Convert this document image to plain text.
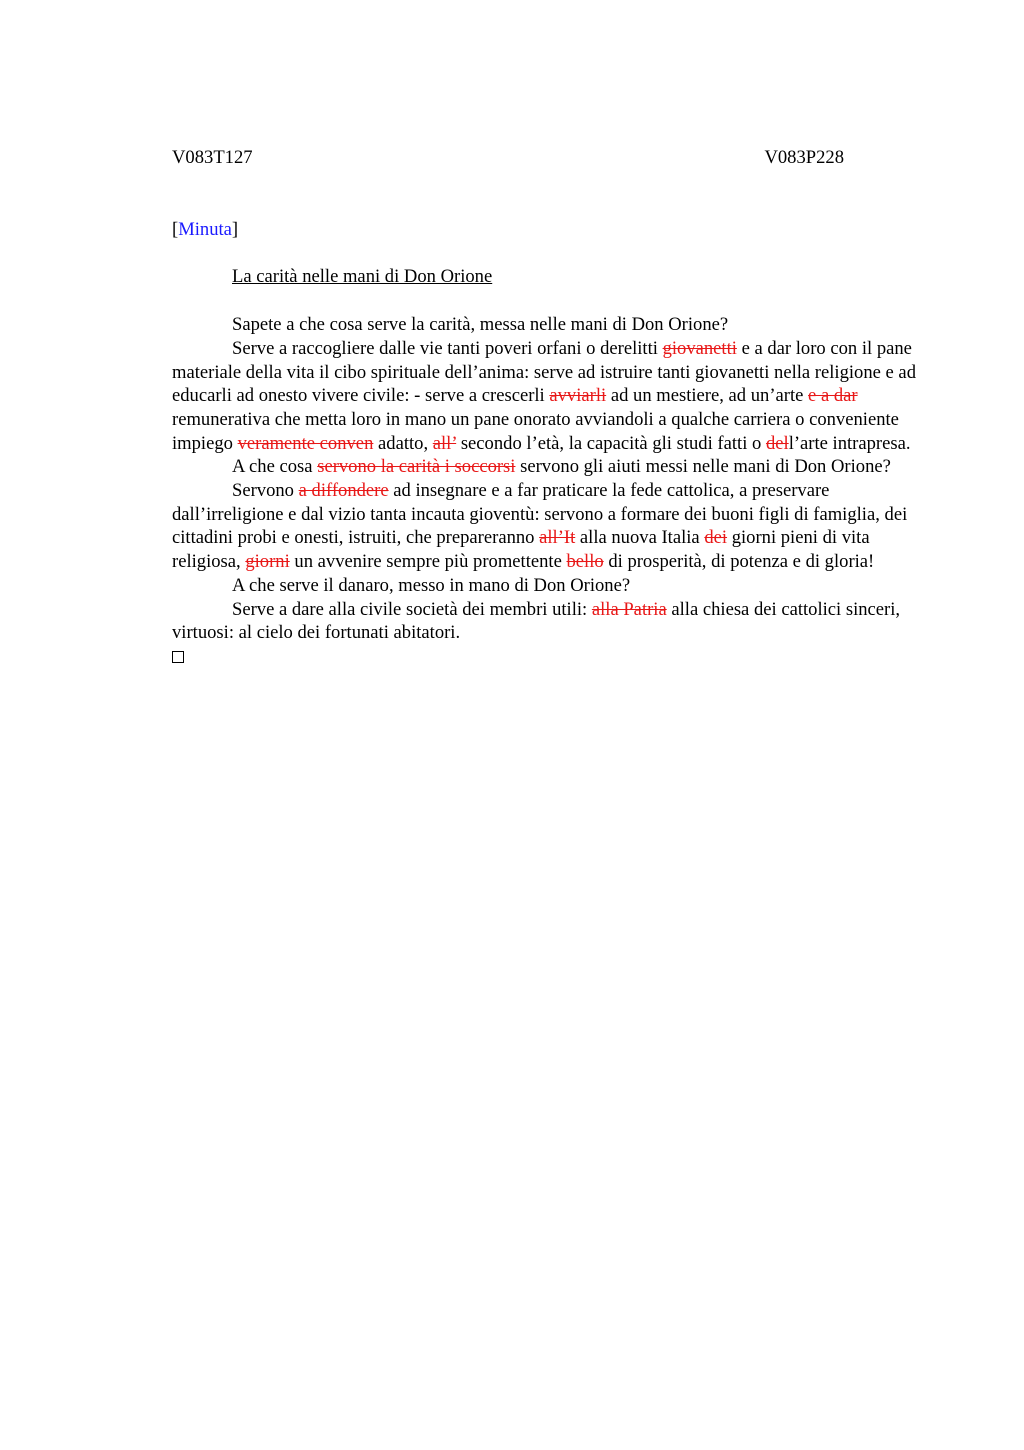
V083T127	V083P228
[Minuta]
La carità nelle mani di Don Orione

Sapete a che cosa serve la carità, messa nelle mani di Don Orione?

Serve a raccogliere dalle vie tanti poveri orfani o derelitti giovanetti e a dar loro con il pane materiale della vita il cibo spirituale dell’anima: serve ad istruire tanti giovanetti nella religione e ad educarli ad onesto vivere civile: - serve a crescerli avviarli ad un mestiere, ad un’arte e a dar remunerativa che metta loro in mano un pane onorato avviandoli a qualche carriera o conveniente impiego veramente conven adatto, all’ secondo l’età, la capacità gli studi fatti o dell’arte intrapresa.

A che cosa servono la carità i soccorsi servono gli aiuti messi nelle mani di Don Orione?

Servono a diffondere ad insegnare e a far praticare la fede cattolica, a preservare dall’irreligione e dal vizio tanta incauta gioventù: servono a formare dei buoni figli di famiglia, dei cittadini probi e onesti, istruiti, che prepareranno all’It alla nuova Italia dei giorni pieni di vita religiosa, giorni un avvenire sempre più promettente bello di prosperità, di potenza e di gloria!

A che serve il danaro, messo in mano di Don Orione?

Serve a dare alla civile società dei membri utili: alla Patria alla chiesa dei cattolici sinceri, virtuosi: al cielo dei fortunati abitatori.
